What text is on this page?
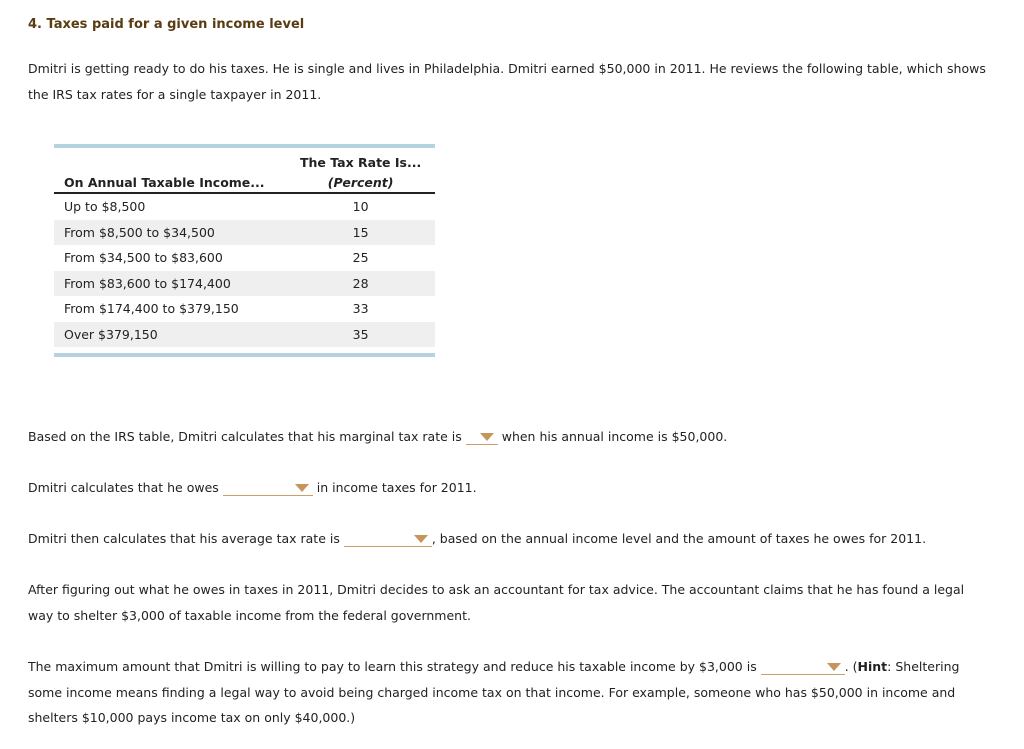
4. Taxes paid for a given income level
Dmitri is getting ready to do his taxes. He is single and lives in Philadelphia. Dmitri earned $50,000 in 2011. He reviews the following table, which shows the IRS tax rates for a single taxpayer in 2011.
	The Tax Rate Is...
On Annual Taxable Income...	(Percent)
Up to $8,500	10
From $8,500 to $34,500	15
From $34,500 to $83,600	25
From $83,600 to $174,400	28
From $174,400 to $379,150	33
Over $379,150	35
Based on the IRS table, Dmitri calculates that his marginal tax rate is	when his annual income is $50,000.
Dmitri calculates that he owes	in income taxes for 2011.
Dmitri then calculates that his average tax rate is	, based on the annual income level and the amount of taxes he owes for 2011.
After figuring out what he owes in taxes in 2011, Dmitri decides to ask an accountant for tax advice. The accountant claims that he has found a legal way to shelter $3,000 of taxable income from the federal government.
The maximum amount that Dmitri is willing to pay to learn this strategy and reduce his taxable income by $3,000 is	. (Hint: Sheltering some income means finding a legal way to avoid being charged income tax on that income. For example, someone who has $50,000 in income and shelters $10,000 pays income tax on only $40,000.)
